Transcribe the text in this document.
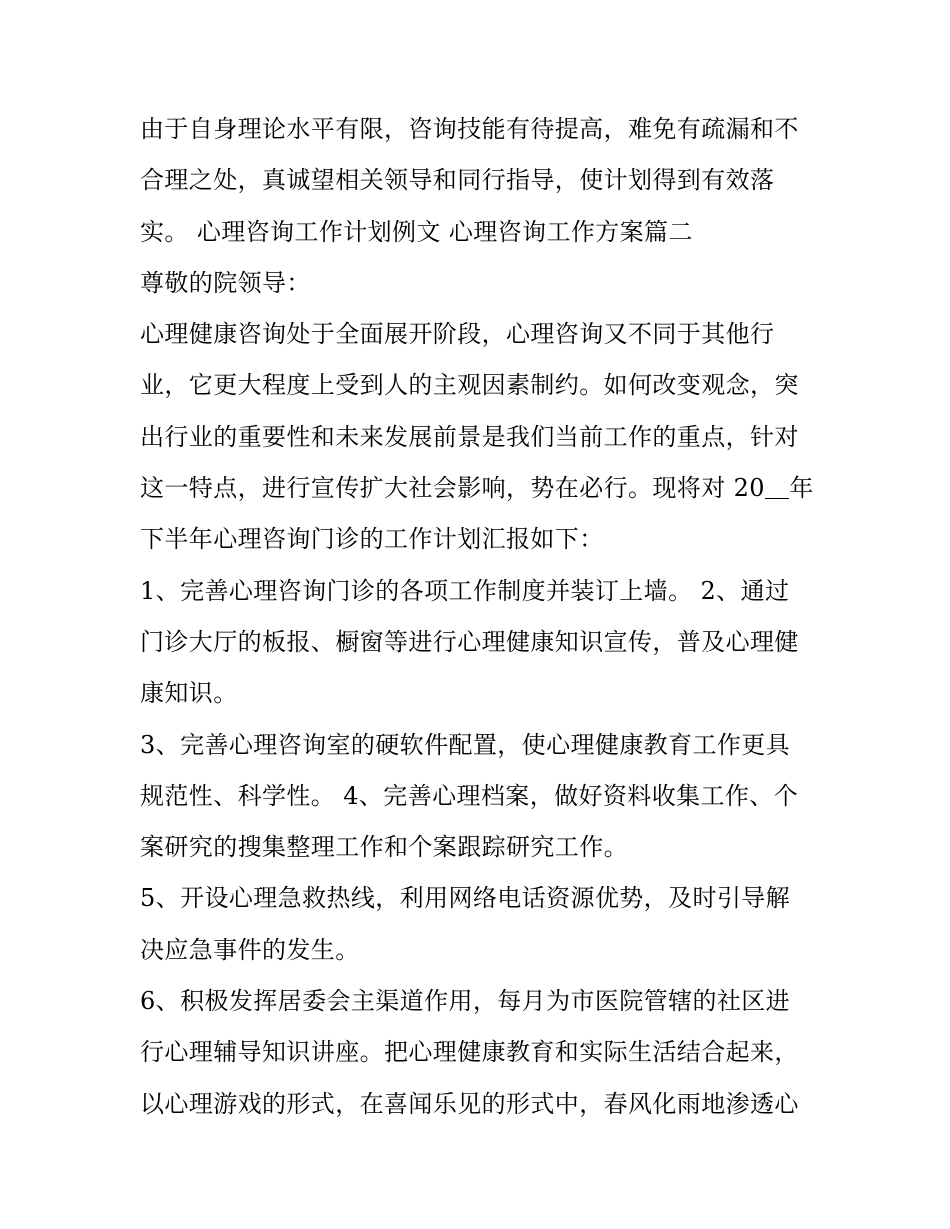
由于自身理论水平有限，咨询技能有待提高，难免有疏漏和不
合理之处，真诚望相关领导和同行指导，使计划得到有效落
实。 心理咨询工作计划例文 心理咨询工作方案篇二
尊敬的院领导：
心理健康咨询处于全面展开阶段，心理咨询又不同于其他行
业，它更大程度上受到人的主观因素制约。如何改变观念，突
出行业的重要性和未来发展前景是我们当前工作的重点，针对
这一特点，进行宣传扩大社会影响，势在必行。现将对 20＿年
下半年心理咨询门诊的工作计划汇报如下：
1、完善心理咨询门诊的各项工作制度并装订上墙。 2、通过
门诊大厅的板报、橱窗等进行心理健康知识宣传，普及心理健
康知识。
3、完善心理咨询室的硬软件配置，使心理健康教育工作更具
规范性、科学性。 4、完善心理档案，做好资料收集工作、个
案研究的搜集整理工作和个案跟踪研究工作。
5、开设心理急救热线，利用网络电话资源优势，及时引导解
决应急事件的发生。
6、积极发挥居委会主渠道作用，每月为市医院管辖的社区进
行心理辅导知识讲座。把心理健康教育和实际生活结合起来，
以心理游戏的形式，在喜闻乐见的形式中，春风化雨地渗透心
